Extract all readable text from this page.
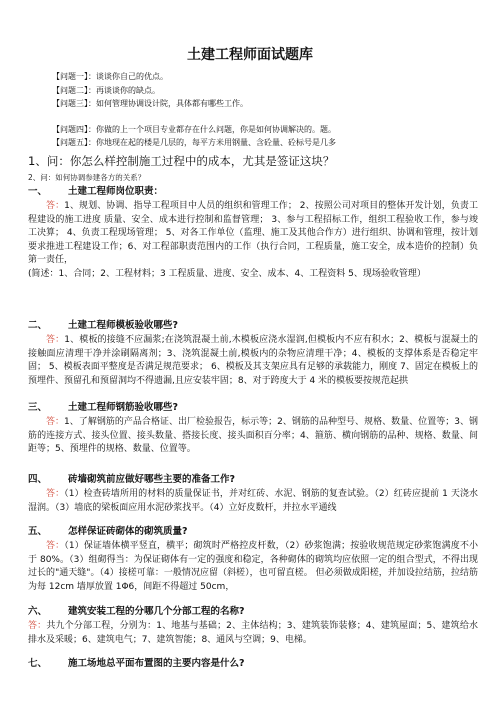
土建工程师面试题库
【问题一】：谈谈你自己的优点。
【问题二】：再谈谈你的缺点。
【问题三】：如何管理协调设计院，具体都有哪些工作。
【问题四】：你做的上一个项目专业都存在什么问题，你是如何协调解决的。题。
【问题五】：你地现在起的楼是几层的，每平方米用钢量、含砼量、砼标号是几多
1、问：你怎么样控制施工过程中的成本，尤其是签证这块？
2、问：如何协调参建各方的关系？
一、 土建工程师岗位职责：
答：1、规划、协调、指导工程项目中人员的组织和管理工作； 2、按照公司对项目的整体开发计划，负责工程建设的施工进度 质量、安全、成本进行控制和监督管理； 3、参与工程招标工作，组织工程验收工作，参与竣工决算； 4、负责工程现场管理； 5、对各工作单位（监理、施工及其他合作方）进行组织、协调和管理，按计划要求推进工程建设工作；6、对工程部职责范围内的工作（执行合同，工程质量，施工安全，成本造价的控制）负第一责任，
(简述：1、合同；2、工程材料；3 工程质量、进度、安全、成本、4、工程资料 5、现场验收管理）
二、 土建工程师模板验收哪些?
答：1、模板的接缝不应漏浆;在浇筑混凝土前,木模板应浇水湿润,但模板内不应有积水；2、模板与混凝土的接触面应清理干净并涂刷隔离剂；3、浇筑混凝土前,模板内的杂物应清理干净；4、模板的支撑体系是否稳定牢固； 5、模板表面平整度是否满足规范要求； 6、模板及其支架应具有足够的承载能力，刚度 7、固定在模板上的预埋件、预留孔和预留洞均不得遗漏,且应安装牢固；8、对于跨度大于 4 米的模板要按规范起拱
三、 土建工程师钢筋验收哪些?
答：1、了解钢筋的产品合格证、出厂检验报告，标示等；2、钢筋的品种型号、规格、数量、位置等；3、钢筋的连接方式、接头位置、接头数量、搭接长度、接头面积百分率；4、箍筋、横向钢筋的品种、规格、数量、间距等；5、预埋件的规格、数量、位置等。
四、 砖墙砌筑前应做好哪些主要的准备工作?
答：（1）检查砖墙所用的材料的质量保证书，并对红砖、水泥、钢筋的复查试验。（2）红砖应提前 1 天浇水湿润。（3）墙底的梁板面应用水泥砂浆找平。（4）立好皮数杆，并拉水平通线
五、 怎样保证砖砌体的砌筑质量?
答：（1）保证墙体横平竖直，横平；砌筑时严格控皮杆数，（2）砂浆饱满；按验收规范规定砂浆饱满度不小于 80%。（3）组砌得当：为保证砌体有一定的强度和稳定，各种砌体的砌筑均应依照一定的组合型式，不得出现过长的"通天缝"。（4）接槎可靠：一般情况应留（斜槎），也可留直槎。 但必须做成阳槎，并加设拉结筋，拉结筋为每 12cm 墙厚放置 1Φ6，间距不得超过 50cm，
六、 建筑安装工程的分哪几个分部工程的名称?
答：共九个分部工程，分别为：1、地基与基础；2、主体结构；3、建筑装饰装修；4、建筑屋面；5、建筑给水排水及采暖；6、建筑电气；7、建筑智能；8、通风与空调；9、电梯。
七、 施工场地总平面布置图的主要内容是什么?
